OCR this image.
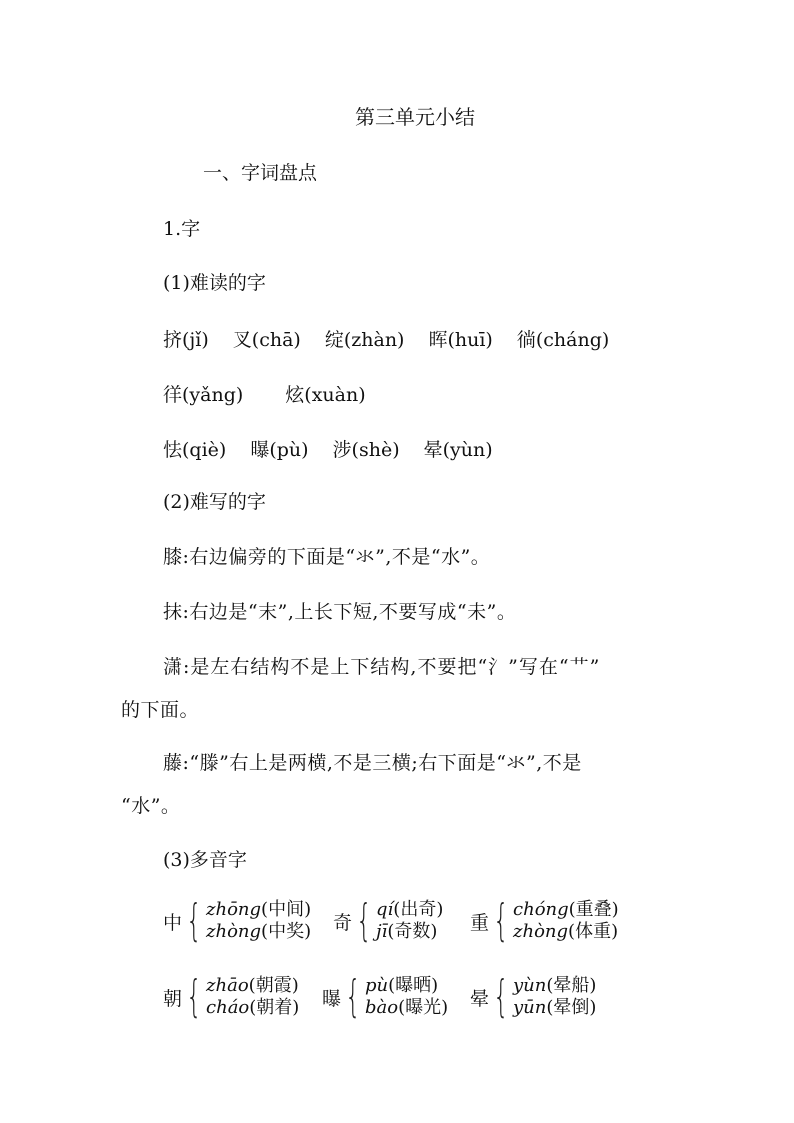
第三单元小结
一、字词盘点
1.字
(1)难读的字
挤(jǐ) 叉(chā) 绽(zhàn) 晖(huī) 徜(cháng)
徉(yǎng) 炫(xuàn)
怯(qiè) 曝(pù) 涉(shè) 晕(yùn)
(2)难写的字
膝:右边偏旁的下面是“氺”,不是“水”。
抹:右边是“末”,上长下短,不要写成“未”。
潇:是左右结构不是上下结构,不要把“氵”写在“艹”
的下面。
藤:“滕”右上是两横,不是三横;右下面是“氺”,不是
“水”。
(3)多音字
中 { zhōng(中间)
zhòng(中奖) 奇 { qí(出奇)
jī(奇数)	重 { chóng(重叠)
zhòng(体重)
朝 { zhāo(朝霞)
cháo(朝着) 曝 { pù(曝晒)
bào(曝光) 晕 { yùn(晕船)
yūn(晕倒)
